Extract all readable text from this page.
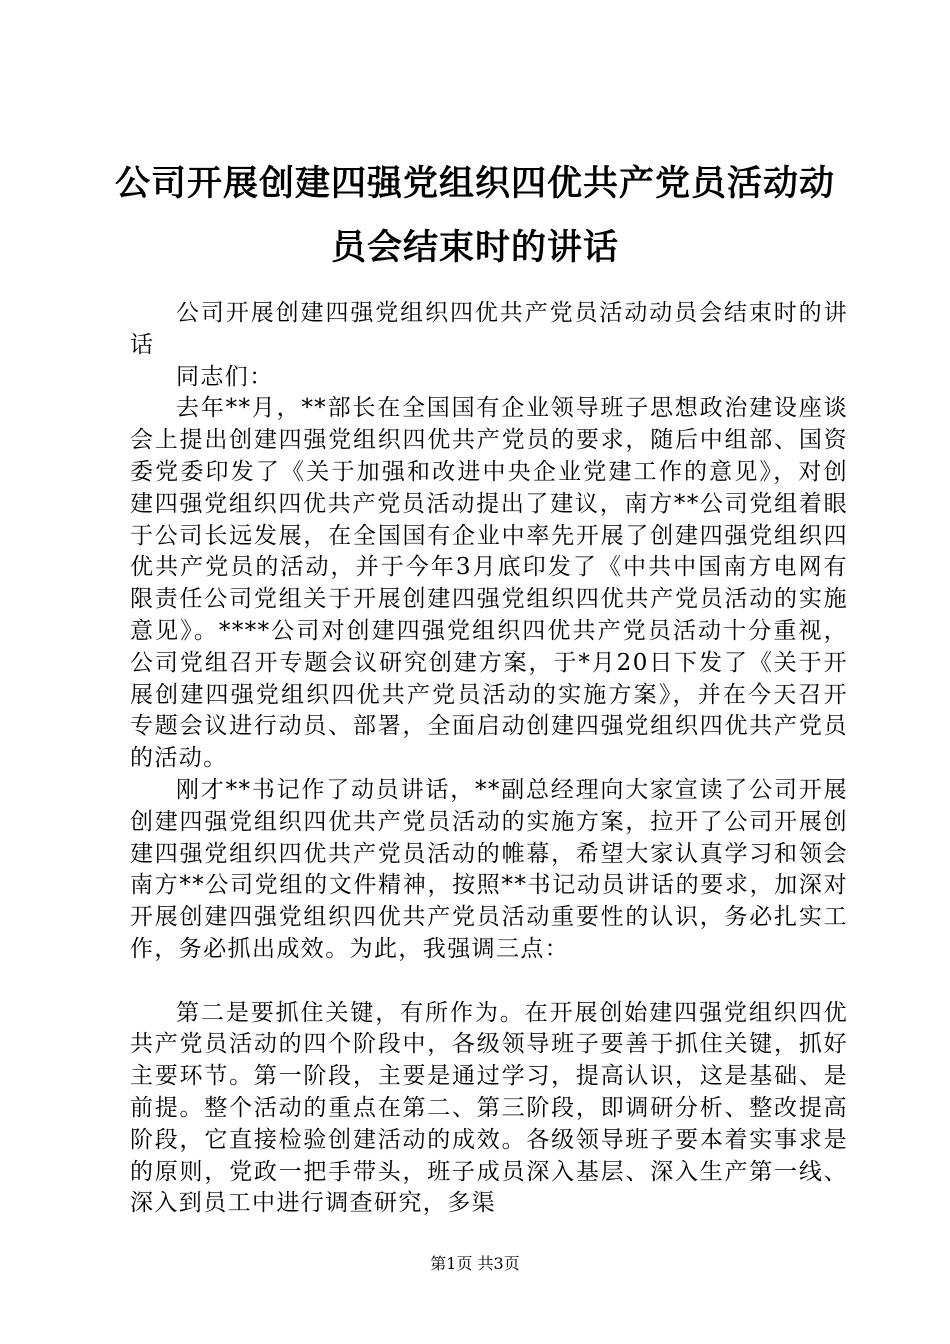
公司开展创建四强党组织四优共产党员活动动员会结束时的讲话

公司开展创建四强党组织四优共产党员活动动员会结束时的讲话

同志们：

去年**月，**部长在全国国有企业领导班子思想政治建设座谈会上提出创建四强党组织四优共产党员的要求，随后中组部、国资委党委印发了《关于加强和改进中央企业党建工作的意见》，对创建四强党组织四优共产党员活动提出了建议，南方**公司党组着眼于公司长远发展，在全国国有企业中率先开展了创建四强党组织四优共产党员的活动，并于今年3月底印发了《中共中国南方电网有限责任公司党组关于开展创建四强党组织四优共产党员活动的实施意见》。****公司对创建四强党组织四优共产党员活动十分重视，公司党组召开专题会议研究创建方案，于*月20日下发了《关于开展创建四强党组织四优共产党员活动的实施方案》，并在今天召开专题会议进行动员、部署，全面启动创建四强党组织四优共产党员的活动。

刚才**书记作了动员讲话，**副总经理向大家宣读了公司开展创建四强党组织四优共产党员活动的实施方案，拉开了公司开展创建四强党组织四优共产党员活动的帷幕，希望大家认真学习和领会南方**公司党组的文件精神，按照**书记动员讲话的要求，加深对开展创建四强党组织四优共产党员活动重要性的认识，务必扎实工作，务必抓出成效。为此，我强调三点：

第二是要抓住关键，有所作为。在开展创始建四强党组织四优共产党员活动的四个阶段中，各级领导班子要善于抓住关键，抓好主要环节。第一阶段，主要是通过学习，提高认识，这是基础、是前提。整个活动的重点在第二、第三阶段，即调研分析、整改提高阶段，它直接检验创建活动的成效。各级领导班子要本着实事求是的原则，党政一把手带头，班子成员深入基层、深入生产第一线、深入到员工中进行调查研究，多渠

第1页 共3页
